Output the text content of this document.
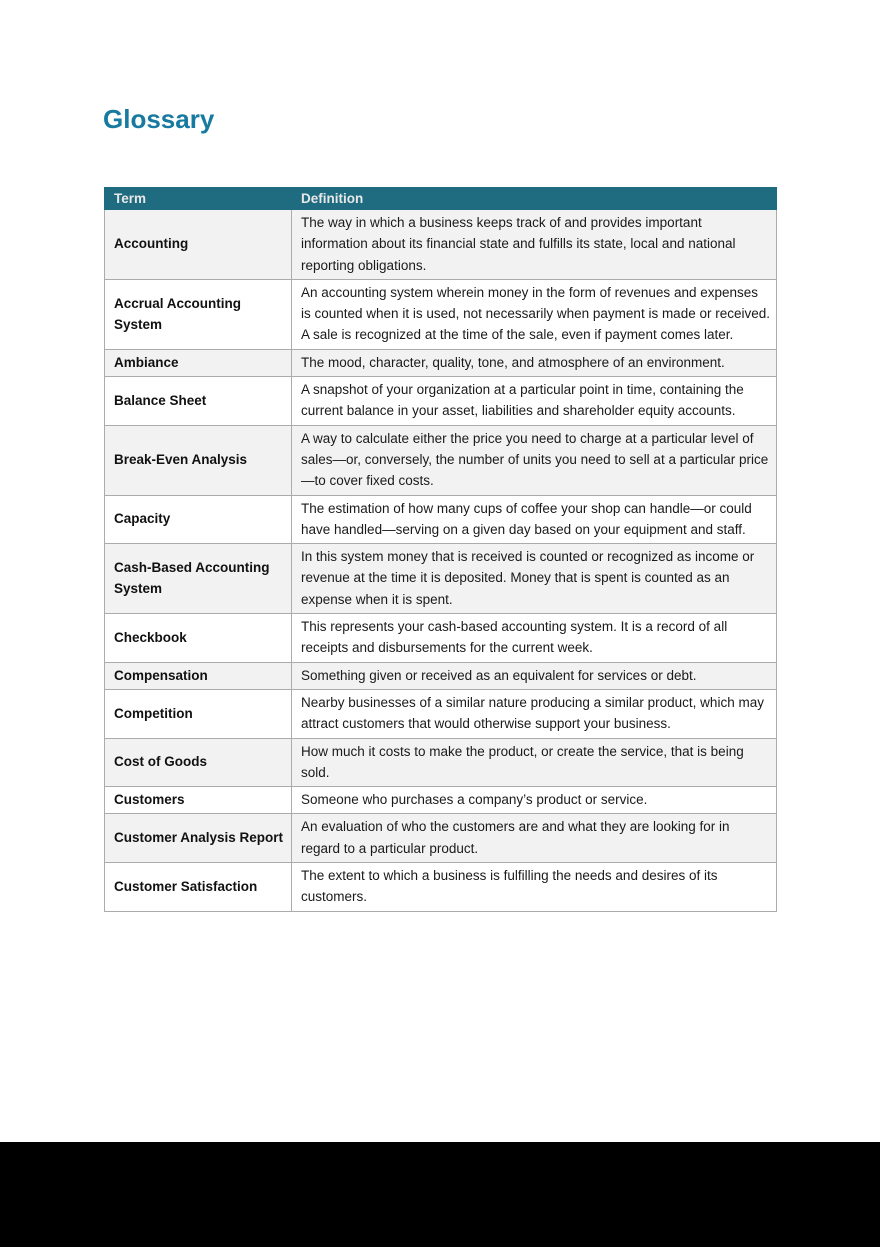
Glossary
Term	Definition
Accounting	The way in which a business keeps track of and provides important information about its financial state and fulfills its state, local and national reporting obligations.
Accrual Accounting System	An accounting system wherein money in the form of revenues and expenses is counted when it is used, not necessarily when payment is made or received. A sale is recognized at the time of the sale, even if payment comes later.
Ambiance	The mood, character, quality, tone, and atmosphere of an environment.
Balance Sheet	A snapshot of your organization at a particular point in time, containing the current balance in your asset, liabilities and shareholder equity accounts.
Break-Even Analysis	A way to calculate either the price you need to charge at a particular level of sales—or, conversely, the number of units you need to sell at a particular price—to cover fixed costs.
Capacity	The estimation of how many cups of coffee your shop can handle—or could have handled—serving on a given day based on your equipment and staff.
Cash-Based Accounting System	In this system money that is received is counted or recognized as income or revenue at the time it is deposited. Money that is spent is counted as an expense when it is spent.
Checkbook	This represents your cash-based accounting system. It is a record of all receipts and disbursements for the current week.
Compensation	Something given or received as an equivalent for services or debt.
Competition	Nearby businesses of a similar nature producing a similar product, which may attract customers that would otherwise support your business.
Cost of Goods	How much it costs to make the product, or create the service, that is being sold.
Customers	Someone who purchases a company’s product or service.
Customer Analysis Report	An evaluation of who the customers are and what they are looking for in regard to a particular product.
Customer Satisfaction	The extent to which a business is fulfilling the needs and desires of its customers.
